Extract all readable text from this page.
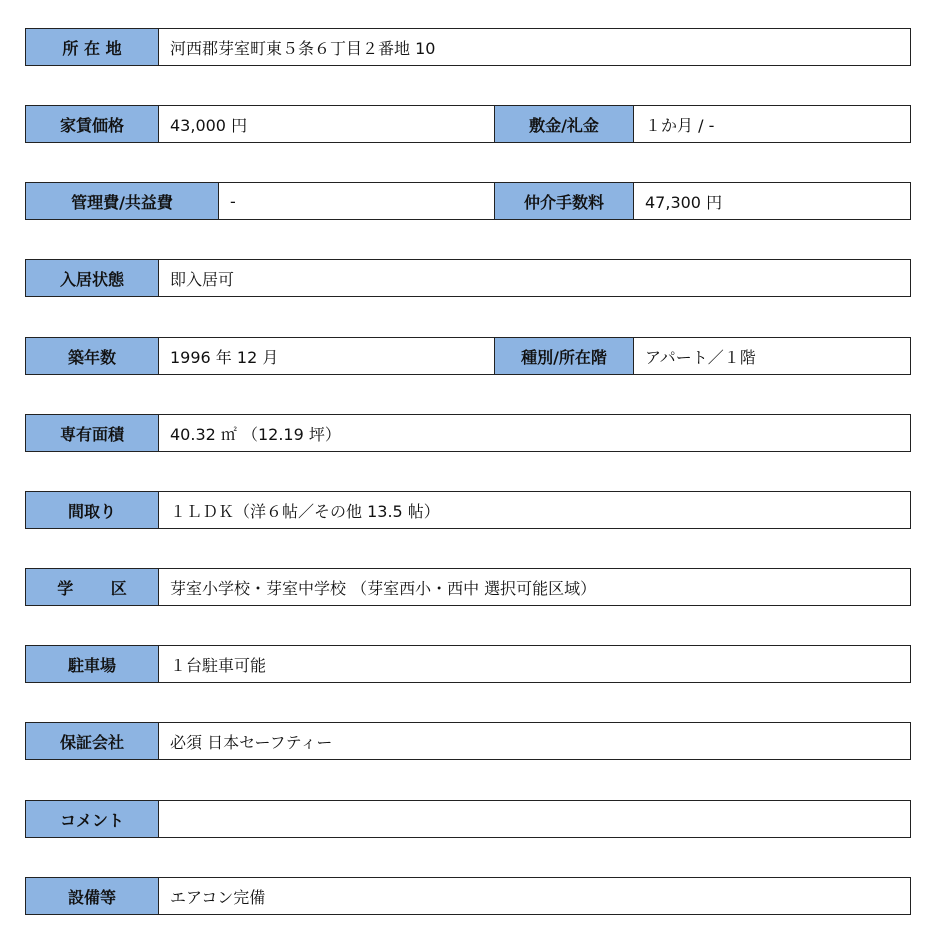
所 在 地	河西郡芽室町東５条６丁目２番地 10
家賃価格	43,000 円	敷金/礼金	１か月 / -
管理費/共益費	-	仲介手数料	47,300 円
入居状態	即入居可
築年数	1996 年 12 月	種別/所在階	アパート／１階
専有面積	40.32 ㎡ （12.19 坪）
間取り	１ＬＤＫ（洋６帖／その他 13.5 帖）
学 区	芽室小学校・芽室中学校 （芽室西小・西中 選択可能区域）
駐車場	１台駐車可能
保証会社	必須 日本セーフティー
コメント
設備等	エアコン完備
